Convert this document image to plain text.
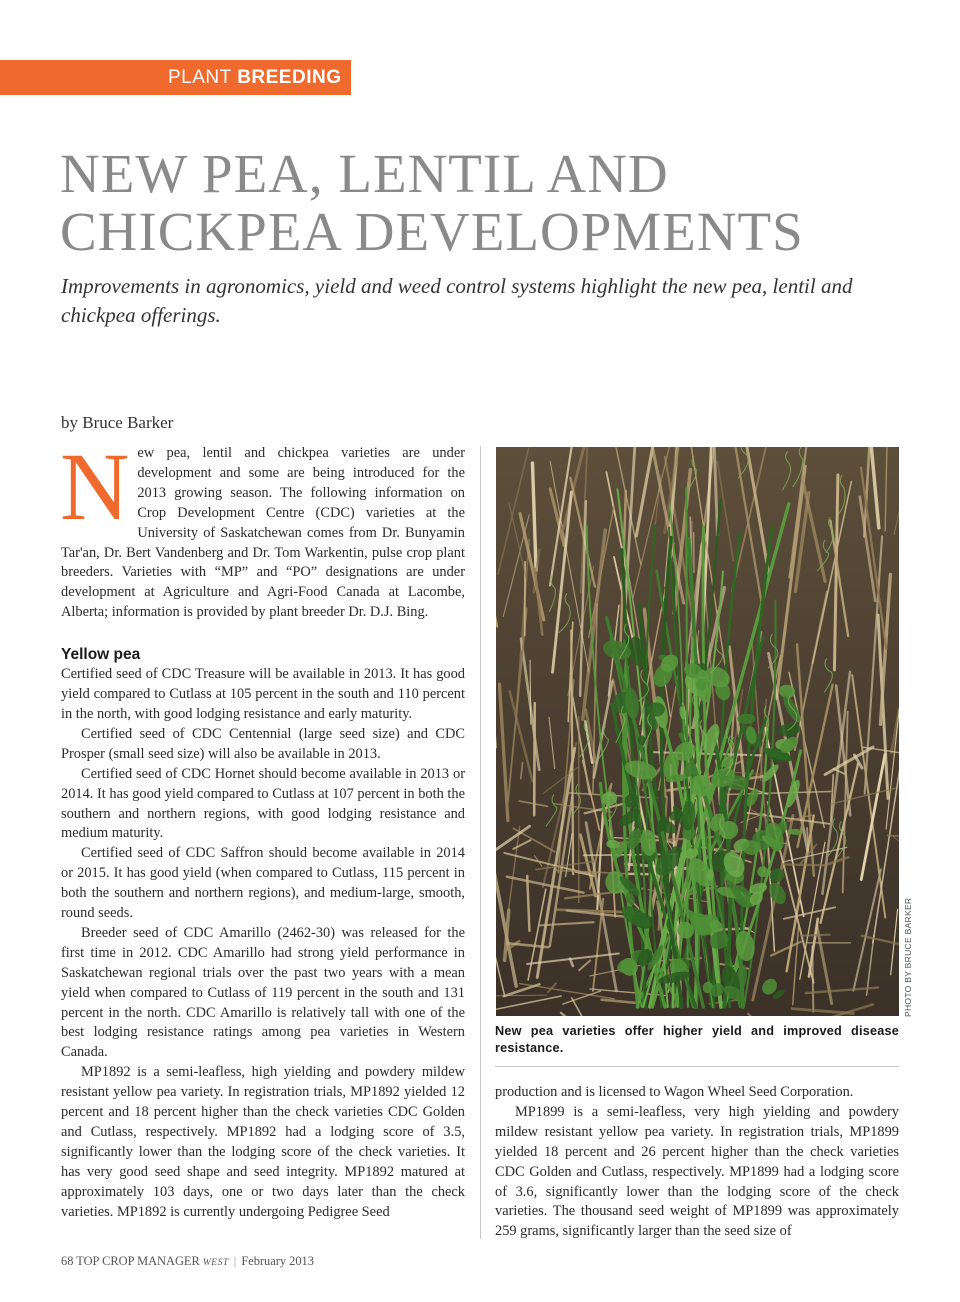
PLANT BREEDING
NEW PEA, LENTIL AND
CHICKPEA DEVELOPMENTS

Improvements in agronomics, yield and weed control systems highlight the new pea, lentil and chickpea offerings.

by Bruce Barker

New pea, lentil and chickpea varieties are under development and some are being introduced for the 2013 growing season. The following information on Crop Development Centre (CDC) varieties at the University of Saskatchewan comes from Dr. Bunyamin Tar'an, Dr. Bert Vandenberg and Dr. Tom Warkentin, pulse crop plant breeders. Varieties with “MP” and “PO” designations are under development at Agriculture and Agri-Food Canada at Lacombe, Alberta; information is provided by plant breeder Dr. D.J. Bing.

Yellow pea

Certified seed of CDC Treasure will be available in 2013. It has good yield compared to Cutlass at 105 percent in the south and 110 percent in the north, with good lodging resistance and early maturity.

Certified seed of CDC Centennial (large seed size) and CDC Prosper (small seed size) will also be available in 2013.

Certified seed of CDC Hornet should become available in 2013 or 2014. It has good yield compared to Cutlass at 107 percent in both the southern and northern regions, with good lodging resistance and medium maturity.

Certified seed of CDC Saffron should become available in 2014 or 2015. It has good yield (when compared to Cutlass, 115 percent in both the southern and northern regions), and medium-large, smooth, round seeds.

Breeder seed of CDC Amarillo (2462-30) was released for the first time in 2012. CDC Amarillo had strong yield performance in Saskatchewan regional trials over the past two years with a mean yield when compared to Cutlass of 119 percent in the south and 131 percent in the north. CDC Amarillo is relatively tall with one of the best lodging resistance ratings among pea varieties in Western Canada.

MP1892 is a semi-leafless, high yielding and powdery mildew resistant yellow pea variety. In registration trials, MP1892 yielded 12 percent and 18 percent higher than the check varieties CDC Golden and Cutlass, respectively. MP1892 had a lodging score of 3.5, significantly lower than the lodging score of the check varieties. It has very good seed shape and seed integrity. MP1892 matured at approximately 103 days, one or two days later than the check varieties. MP1892 is currently undergoing Pedigree Seed

PHOTO BY BRUCE BARKER
New pea varieties offer higher yield and improved disease resistance.

production and is licensed to Wagon Wheel Seed Corporation.

MP1899 is a semi-leafless, very high yielding and powdery mildew resistant yellow pea variety. In registration trials, MP1899 yielded 18 percent and 26 percent higher than the check varieties CDC Golden and Cutlass, respectively. MP1899 had a lodging score of 3.6, significantly lower than the lodging score of the check varieties. The thousand seed weight of MP1899 was approximately 259 grams, significantly larger than the seed size of

68 TOP CROP MANAGER WEST | February 2013
